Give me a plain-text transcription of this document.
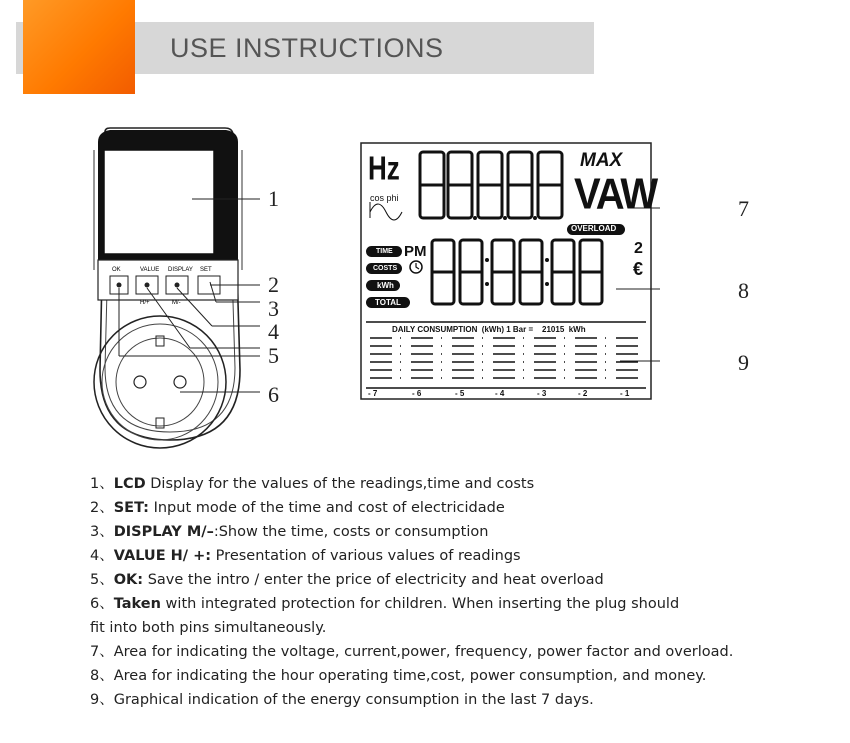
USE INSTRUCTIONS
OK	VALUE DISPLAY SET
H/+	M/-
1
2
3
4
5
6
Hz	MAX
VAW
cos phi
OVERLOAD
PM
TIME
COSTS
kWh
TOTAL
2
€
DAILY CONSUMPTION  (kWh) 1 Bar =    21015  kWh
- 7	- 6	- 5	- 4	- 3	- 2	- 1
7
8
9
1、LCD Display for the values of the readings,time and costs
2、SET: Input mode of the time and cost of electricidade
3、DISPLAY M/–:Show the time, costs or consumption
4、VALUE H/ +: Presentation of various values of readings
5、OK: Save the intro / enter the price of electricity and heat overload
6、Taken with integrated protection for children. When inserting the plug should
fit into both pins simultaneously.
7、Area for indicating the voltage, current,power, frequency, power factor and overload.
8、Area for indicating the hour operating time,cost, power consumption, and money.
9、Graphical indication of the energy consumption in the last 7 days.
